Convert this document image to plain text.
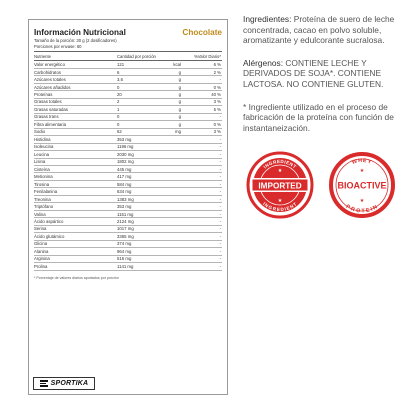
Información Nutricional	Chocolate
Tamaño de la porción: 30 g (2 dosificadores)
Porciones por envase: 60
Nutriente	Cantidad por porción	%Valor Diario*
Valor energético	121	kcal	6 %
Carbohidratos	6	g	2 %
Azúcares totales	3,6	g	-
Azúcares añadidos	0	g	0 %
Proteínas	20	g	40 %
Grasas totales	2	g	3 %
Grasas saturadas	1	g	5 %
Grasas trans	0	g	-
Fibra alimentaria	0	g	0 %
Sodio	62	mg	3 %
Histidina	353 mg	-
Isoleucina	1196 mg	-
Leucina	2030 mg	-
Lisina	1802 mg	-
Cisteína	445 mg	-
Metionina	417 mg	-
Tirosina	584 mg	-
Fenilalanina	634 mg	-
Treonina	1383 mg	-
Triptófano	353 mg	-
Valina	1151 mg	-
Ácido aspártico	2124 mg	-
Serina	1017 mg	-
Ácido glutámico	3365 mg	-
Glicina	374 mg	-
Alanina	964 mg	-
Arginina	516 mg	-
Prolina	1141 mg	-
* Porcentaje de valores diarios aportados por porción
SPORTIKA

Ingredientes: Proteína de suero de leche concentrada, cacao en polvo soluble, aromatizante y edulcorante sucralosa.

Alérgenos: CONTIENE LECHE Y DERIVADOS DE SOJA*. CONTIENE LACTOSA. NO CONTIENE GLUTEN.

* Ingrediente utilizado en el proceso de fabricación de la proteína con función de instantaneización.

INGREDIENT
INGREDIENT
IMPORTED
★
★
WHEY
PROTEIN
BIOACTIVE
★
★
